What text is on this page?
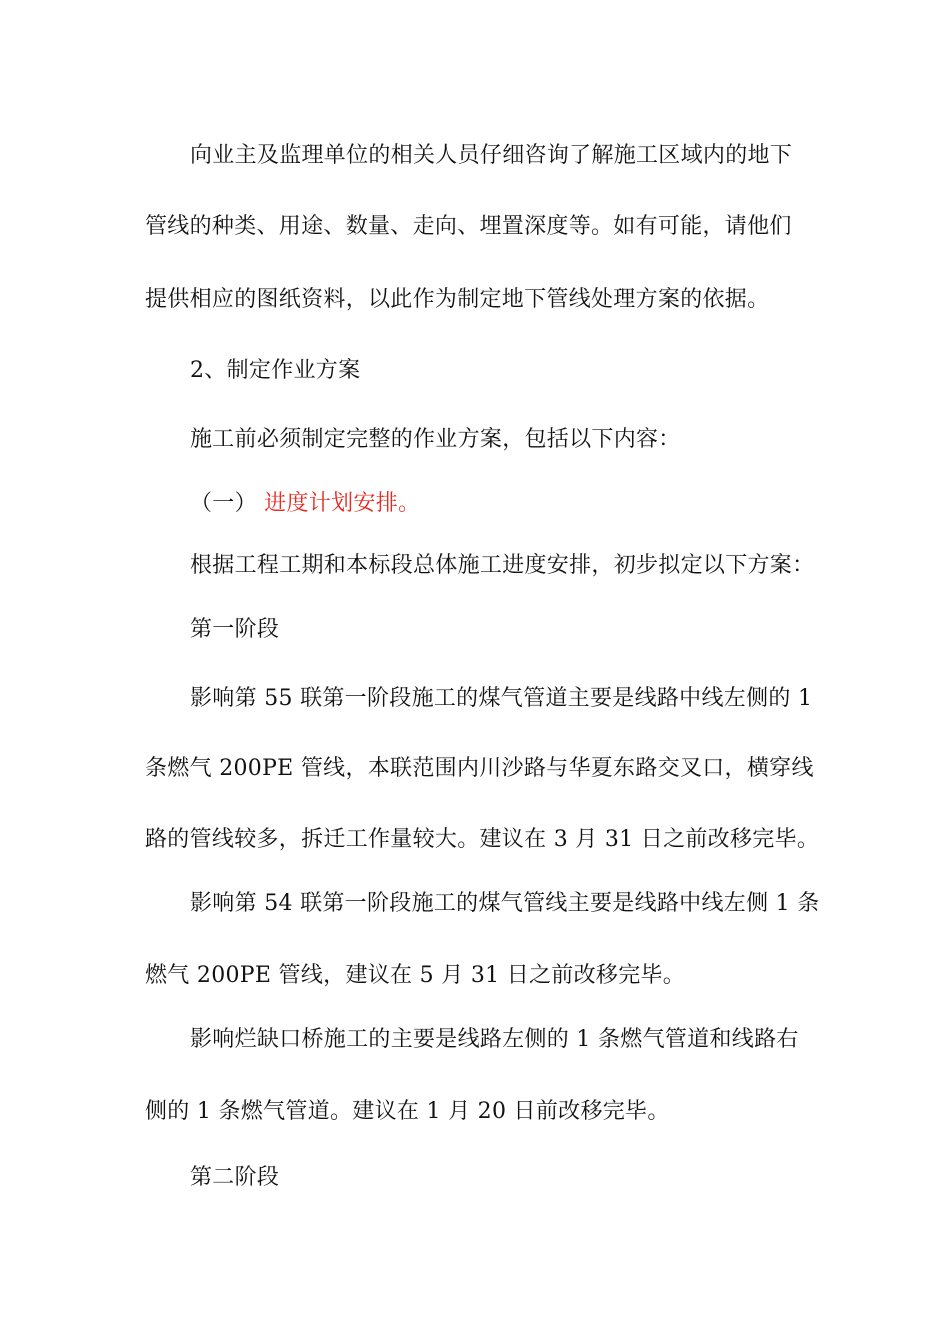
向业主及监理单位的相关人员仔细咨询了解施工区域内的地下
管线的种类、用途、数量、走向、埋置深度等。如有可能，请他们
提供相应的图纸资料，以此作为制定地下管线处理方案的依据。
2、制定作业方案
施工前必须制定完整的作业方案，包括以下内容：
（一） 进度计划安排。
根据工程工期和本标段总体施工进度安排，初步拟定以下方案：
第一阶段
影响第 55 联第一阶段施工的煤气管道主要是线路中线左侧的 1
条燃气 200PE 管线，本联范围内川沙路与华夏东路交叉口，横穿线
路的管线较多，拆迁工作量较大。建议在 3 月 31 日之前改移完毕。
影响第 54 联第一阶段施工的煤气管线主要是线路中线左侧 1 条
燃气 200PE 管线，建议在 5 月 31 日之前改移完毕。
影响烂缺口桥施工的主要是线路左侧的 1 条燃气管道和线路右
侧的 1 条燃气管道。建议在 1 月 20 日前改移完毕。
第二阶段
